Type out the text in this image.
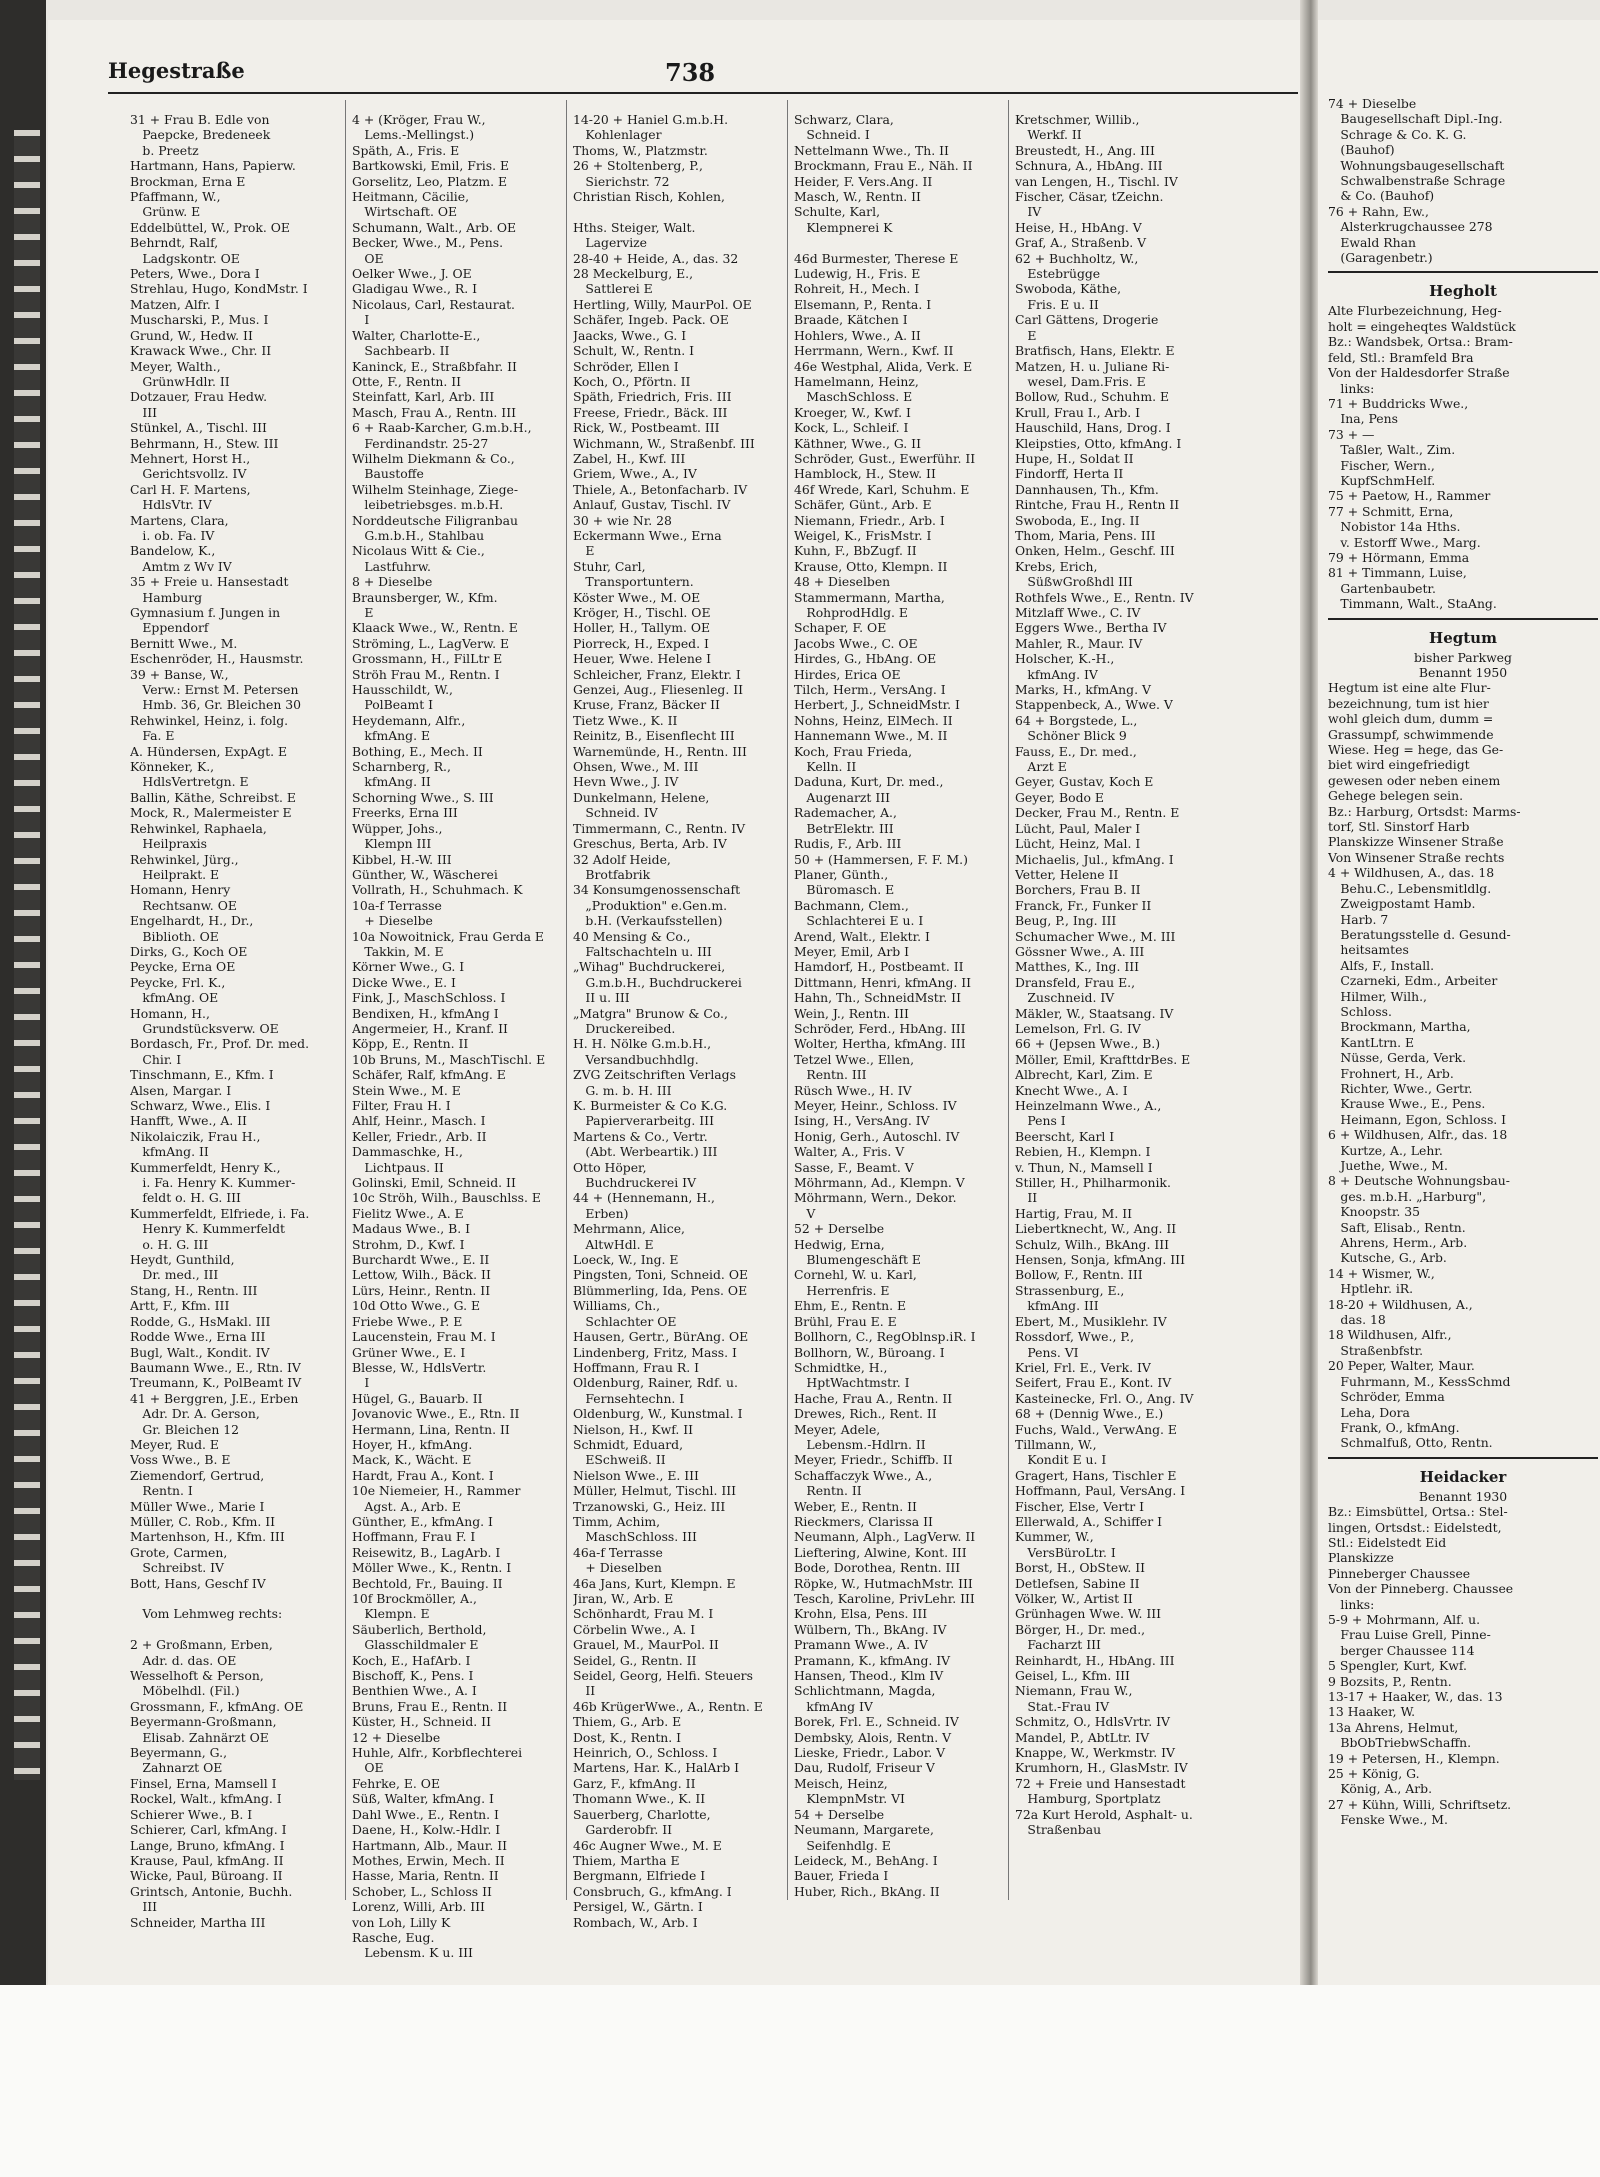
Hegestraße	738
31 + Frau B. Edle von
 Paepcke, Bredeneek
 b. Preetz
Hartmann, Hans, Papierw.
Brockman, Erna E
Pfaffmann, W.,
 Grünw. E
Eddelbüttel, W., Prok. OE
Behrndt, Ralf,
 Ladgskontr. OE
Peters, Wwe., Dora I
Strehlau, Hugo, KondMstr. I
Matzen, Alfr. I
Muscharski, P., Mus. I
Grund, W., Hedw. II
Krawack Wwe., Chr. II
Meyer, Walth.,
 GrünwHdlr. II
Dotzauer, Frau Hedw.
 III
Stünkel, A., Tischl. III
Behrmann, H., Stew. III
Mehnert, Horst H.,
 Gerichtsvollz. IV
Carl H. F. Martens,
 HdlsVtr. IV
Martens, Clara,
 i. ob. Fa. IV
Bandelow, K.,
 Amtm z Wv IV
35 + Freie u. Hansestadt
 Hamburg
Gymnasium f. Jungen in
 Eppendorf
Bernitt Wwe., M.
Eschenröder, H., Hausmstr.
39 + Banse, W.,
 Verw.: Ernst M. Petersen
 Hmb. 36, Gr. Bleichen 30
Rehwinkel, Heinz, i. folg.
 Fa. E
A. Hündersen, ExpAgt. E
Könneker, K.,
 HdlsVertretgn. E
Ballin, Käthe, Schreibst. E
Mock, R., Malermeister E
Rehwinkel, Raphaela,
 Heilpraxis
Rehwinkel, Jürg.,
 Heilprakt. E
Homann, Henry
 Rechtsanw. OE
Engelhardt, H., Dr.,
 Biblioth. OE
Dirks, G., Koch OE
Peycke, Erna OE
Peycke, Frl. K.,
 kfmAng. OE
Homann, H.,
 Grundstücksverw. OE
Bordasch, Fr., Prof. Dr. med.
 Chir. I
Tinschmann, E., Kfm. I
Alsen, Margar. I
Schwarz, Wwe., Elis. I
Hanfft, Wwe., A. II
Nikolaiczik, Frau H.,
 kfmAng. II
Kummerfeldt, Henry K.,
 i. Fa. Henry K. Kummer-
 feldt o. H. G. III
Kummerfeldt, Elfriede, i. Fa.
 Henry K. Kummerfeldt
 o. H. G. III
Heydt, Gunthild,
 Dr. med., III
Stang, H., Rentn. III
Artt, F., Kfm. III
Rodde, G., HsMakl. III
Rodde Wwe., Erna III
Bugl, Walt., Kondit. IV
Baumann Wwe., E., Rtn. IV
Treumann, K., PolBeamt IV
41 + Berggren, J.E., Erben
 Adr. Dr. A. Gerson,
 Gr. Bleichen 12
Meyer, Rud. E
Voss Wwe., B. E
Ziemendorf, Gertrud,
 Rentn. I
Müller Wwe., Marie I
Müller, C. Rob., Kfm. II
Martenhson, H., Kfm. III
Grote, Carmen,
 Schreibst. IV
Bott, Hans, Geschf IV

 Vom Lehmweg rechts:

2 + Großmann, Erben,
 Adr. d. das. OE
Wesselhoft & Person,
 Möbelhdl. (Fil.)
Grossmann, F., kfmAng. OE
Beyermann-Großmann,
 Elisab. Zahnärzt OE
Beyermann, G.,
 Zahnarzt OE
Finsel, Erna, Mamsell I
Rockel, Walt., kfmAng. I
Schierer Wwe., B. I
Schierer, Carl, kfmAng. I
Lange, Bruno, kfmAng. I
Krause, Paul, kfmAng. II
Wicke, Paul, Büroang. II
Grintsch, Antonie, Buchh.
 III
Schneider, Martha III
4 + (Kröger, Frau W.,
 Lems.-Mellingst.)
Späth, A., Fris. E
Bartkowski, Emil, Fris. E
Gorselitz, Leo, Platzm. E
Heitmann, Cäcilie,
 Wirtschaft. OE
Schumann, Walt., Arb. OE
Becker, Wwe., M., Pens.
 OE
Oelker Wwe., J. OE
Gladigau Wwe., R. I
Nicolaus, Carl, Restaurat.
 I
Walter, Charlotte-E.,
 Sachbearb. II
Kaninck, E., Straßbfahr. II
Otte, F., Rentn. II
Steinfatt, Karl, Arb. III
Masch, Frau A., Rentn. III
6 + Raab-Karcher, G.m.b.H.,
 Ferdinandstr. 25-27
Wilhelm Diekmann & Co.,
 Baustoffe
Wilhelm Steinhage, Ziege-
 leibetriebsges. m.b.H.
Norddeutsche Filigranbau
 G.m.b.H., Stahlbau
Nicolaus Witt & Cie.,
 Lastfuhrw.
8 + Dieselbe
Braunsberger, W., Kfm.
 E
Klaack Wwe., W., Rentn. E
Ströming, L., LagVerw. E
Grossmann, H., FilLtr E
Ströh Frau M., Rentn. I
Hausschildt, W.,
 PolBeamt I
Heydemann, Alfr.,
 kfmAng. E
Bothing, E., Mech. II
Scharnberg, R.,
 kfmAng. II
Schorning Wwe., S. III
Freerks, Erna III
Wüpper, Johs.,
 Klempn III
Kibbel, H.-W. III
Günther, W., Wäscherei
Vollrath, H., Schuhmach. K
10a-f Terrasse
 + Dieselbe
10a Nowoitnick, Frau Gerda E
 Takkin, M. E
Körner Wwe., G. I
Dicke Wwe., E. I
Fink, J., MaschSchloss. I
Bendixen, H., kfmAng I
Angermeier, H., Kranf. II
Köpp, E., Rentn. II
10b Bruns, M., MaschTischl. E
Schäfer, Ralf, kfmAng. E
Stein Wwe., M. E
Filter, Frau H. I
Ahlf, Heinr., Masch. I
Keller, Friedr., Arb. II
Dammaschke, H.,
 Lichtpaus. II
Golinski, Emil, Schneid. II
10c Ströh, Wilh., Bauschlss. E
Fielitz Wwe., A. E
Madaus Wwe., B. I
Strohm, D., Kwf. I
Burchardt Wwe., E. II
Lettow, Wilh., Bäck. II
Lürs, Heinr., Rentn. II
10d Otto Wwe., G. E
Friebe Wwe., P. E
Laucenstein, Frau M. I
Grüner Wwe., E. I
Blesse, W., HdlsVertr.
 I
Hügel, G., Bauarb. II
Jovanovic Wwe., E., Rtn. II
Hermann, Lina, Rentn. II
Hoyer, H., kfmAng.
Mack, K., Wächt. E
Hardt, Frau A., Kont. I
10e Niemeier, H., Rammer
 Agst. A., Arb. E
Günther, E., kfmAng. I
Hoffmann, Frau F. I
Reisewitz, B., LagArb. I
Möller Wwe., K., Rentn. I
Bechtold, Fr., Bauing. II
10f Brockmöller, A.,
 Klempn. E
Säuberlich, Berthold,
 Glasschildmaler E
Koch, E., HafArb. I
Bischoff, K., Pens. I
Benthien Wwe., A. I
Bruns, Frau E., Rentn. II
Küster, H., Schneid. II
12 + Dieselbe
Huhle, Alfr., Korbflechterei
 OE
Fehrke, E. OE
Süß, Walter, kfmAng. I
Dahl Wwe., E., Rentn. I
Daene, H., Kolw.-Hdlr. I
Hartmann, Alb., Maur. II
Mothes, Erwin, Mech. II
Hasse, Maria, Rentn. II
Schober, L., Schloss II
Lorenz, Willi, Arb. III
von Loh, Lilly K
Rasche, Eug.
 Lebensm. K u. III
14-20 + Haniel G.m.b.H.
 Kohlenlager
Thoms, W., Platzmstr.
26 + Stoltenberg, P.,
 Sierichstr. 72
Christian Risch, Kohlen,

Hths. Steiger, Walt.
 Lagervize
28-40 + Heide, A., das. 32
28 Meckelburg, E.,
 Sattlerei E
Hertling, Willy, MaurPol. OE
Schäfer, Ingeb. Pack. OE
Jaacks, Wwe., G. I
Schult, W., Rentn. I
Schröder, Ellen I
Koch, O., Pförtn. II
Späth, Friedrich, Fris. III
Freese, Friedr., Bäck. III
Rick, W., Postbeamt. III
Wichmann, W., Straßenbf. III
Zabel, H., Kwf. III
Griem, Wwe., A., IV
Thiele, A., Betonfacharb. IV
Anlauf, Gustav, Tischl. IV
30 + wie Nr. 28
Eckermann Wwe., Erna
 E
Stuhr, Carl,
 Transportuntern.
Köster Wwe., M. OE
Kröger, H., Tischl. OE
Holler, H., Tallym. OE
Piorreck, H., Exped. I
Heuer, Wwe. Helene I
Schleicher, Franz, Elektr. I
Genzei, Aug., Fliesenleg. II
Kruse, Franz, Bäcker II
Tietz Wwe., K. II
Reinitz, B., Eisenflecht III
Warnemünde, H., Rentn. III
Ohsen, Wwe., M. III
Hevn Wwe., J. IV
Dunkelmann, Helene,
 Schneid. IV
Timmermann, C., Rentn. IV
Greschus, Berta, Arb. IV
32 Adolf Heide,
 Brotfabrik
34 Konsumgenossenschaft
 „Produktion" e.Gen.m.
 b.H. (Verkaufsstellen)
40 Mensing & Co.,
 Faltschachteln u. III
„Wihag" Buchdruckerei,
 G.m.b.H., Buchdruckerei
 II u. III
„Matgra" Brunow & Co.,
 Druckereibed.
H. H. Nölke G.m.b.H.,
 Versandbuchhdlg.
ZVG Zeitschriften Verlags
 G. m. b. H. III
K. Burmeister & Co K.G.
 Papierverarbeitg. III
Martens & Co., Vertr.
 (Abt. Werbeartik.) III
Otto Höper,
 Buchdruckerei IV
44 + (Hennemann, H.,
 Erben)
Mehrmann, Alice,
 AltwHdl. E
Loeck, W., Ing. E
Pingsten, Toni, Schneid. OE
Blümmerling, Ida, Pens. OE
Williams, Ch.,
 Schlachter OE
Hausen, Gertr., BürAng. OE
Lindenberg, Fritz, Mass. I
Hoffmann, Frau R. I
Oldenburg, Rainer, Rdf. u.
 Fernsehtechn. I
Oldenburg, W., Kunstmal. I
Nielson, H., Kwf. II
Schmidt, Eduard,
 ESchweiß. II
Nielson Wwe., E. III
Müller, Helmut, Tischl. III
Trzanowski, G., Heiz. III
Timm, Achim,
 MaschSchloss. III
46a-f Terrasse
 + Dieselben
46a Jans, Kurt, Klempn. E
Jiran, W., Arb. E
Schönhardt, Frau M. I
Cörbelin Wwe., A. I
Grauel, M., MaurPol. II
Seidel, G., Rentn. II
Seidel, Georg, Helfi. Steuers
 II
46b KrügerWwe., A., Rentn. E
Thiem, G., Arb. E
Dost, K., Rentn. I
Heinrich, O., Schloss. I
Martens, Har. K., HalArb I
Garz, F., kfmAng. II
Thomann Wwe., K. II
Sauerberg, Charlotte,
 Garderobfr. II
46c Augner Wwe., M. E
Thiem, Martha E
Bergmann, Elfriede I
Consbruch, G., kfmAng. I
Persigel, W., Gärtn. I
Rombach, W., Arb. I
Schwarz, Clara,
 Schneid. I
Nettelmann Wwe., Th. II
Brockmann, Frau E., Näh. II
Heider, F. Vers.Ang. II
Masch, W., Rentn. II
Schulte, Karl,
 Klempnerei K

46d Burmester, Therese E
Ludewig, H., Fris. E
Rohreit, H., Mech. I
Elsemann, P., Renta. I
Braade, Kätchen I
Hohlers, Wwe., A. II
Herrmann, Wern., Kwf. II
46e Westphal, Alida, Verk. E
Hamelmann, Heinz,
 MaschSchloss. E
Kroeger, W., Kwf. I
Kock, L., Schleif. I
Käthner, Wwe., G. II
Schröder, Gust., Ewerführ. II
Hamblock, H., Stew. II
46f Wrede, Karl, Schuhm. E
Schäfer, Günt., Arb. E
Niemann, Friedr., Arb. I
Weigel, K., FrisMstr. I
Kuhn, F., BbZugf. II
Krause, Otto, Klempn. II
48 + Dieselben
Stammermann, Martha,
 RohprodHdlg. E
Schaper, F. OE
Jacobs Wwe., C. OE
Hirdes, G., HbAng. OE
Hirdes, Erica OE
Tilch, Herm., VersAng. I
Herbert, J., SchneidMstr. I
Nohns, Heinz, ElMech. II
Hannemann Wwe., M. II
Koch, Frau Frieda,
 Kelln. II
Daduna, Kurt, Dr. med.,
 Augenarzt III
Rademacher, A.,
 BetrElektr. III
Rudis, F., Arb. III
50 + (Hammersen, F. F. M.)
Planer, Günth.,
 Büromasch. E
Bachmann, Clem.,
 Schlachterei E u. I
Arend, Walt., Elektr. I
Meyer, Emil, Arb I
Hamdorf, H., Postbeamt. II
Dittmann, Henri, kfmAng. II
Hahn, Th., SchneidMstr. II
Wein, J., Rentn. III
Schröder, Ferd., HbAng. III
Wolter, Hertha, kfmAng. III
Tetzel Wwe., Ellen,
 Rentn. III
Rüsch Wwe., H. IV
Meyer, Heinr., Schloss. IV
Ising, H., VersAng. IV
Honig, Gerh., Autoschl. IV
Walter, A., Fris. V
Sasse, F., Beamt. V
Möhrmann, Ad., Klempn. V
Möhrmann, Wern., Dekor.
 V
52 + Derselbe
Hedwig, Erna,
 Blumengeschäft E
Cornehl, W. u. Karl,
 Herrenfris. E
Ehm, E., Rentn. E
Brühl, Frau E. E
Bollhorn, C., RegOblnsp.iR. I
Bollhorn, W., Büroang. I
Schmidtke, H.,
 HptWachtmstr. I
Hache, Frau A., Rentn. II
Drewes, Rich., Rent. II
Meyer, Adele,
 Lebensm.-Hdlrn. II
Meyer, Friedr., Schiffb. II
Schaffaczyk Wwe., A.,
 Rentn. II
Weber, E., Rentn. II
Rieckmers, Clarissa II
Neumann, Alph., LagVerw. II
Lieftering, Alwine, Kont. III
Bode, Dorothea, Rentn. III
Röpke, W., HutmachMstr. III
Tesch, Karoline, PrivLehr. III
Krohn, Elsa, Pens. III
Wülbern, Th., BkAng. IV
Pramann Wwe., A. IV
Pramann, K., kfmAng. IV
Hansen, Theod., Klm IV
Schlichtmann, Magda,
 kfmAng IV
Borek, Frl. E., Schneid. IV
Dembsky, Alois, Rentn. V
Lieske, Friedr., Labor. V
Dau, Rudolf, Friseur V
Meisch, Heinz,
 KlempnMstr. VI
54 + Derselbe
Neumann, Margarete,
 Seifenhdlg. E
Leideck, M., BehAng. I
Bauer, Frieda I
Huber, Rich., BkAng. II
Kretschmer, Willib.,
 Werkf. II
Breustedt, H., Ang. III
Schnura, A., HbAng. III
van Lengen, H., Tischl. IV
Fischer, Cäsar, tZeichn.
 IV
Heise, H., HbAng. V
Graf, A., Straßenb. V
62 + Buchholtz, W.,
 Estebrügge
Swoboda, Käthe,
 Fris. E u. II
Carl Gättens, Drogerie
 E
Bratfisch, Hans, Elektr. E
Matzen, H. u. Juliane Ri-
 wesel, Dam.Fris. E
Bollow, Rud., Schuhm. E
Krull, Frau I., Arb. I
Hauschild, Hans, Drog. I
Kleipsties, Otto, kfmAng. I
Hupe, H., Soldat II
Findorff, Herta II
Dannhausen, Th., Kfm.
Rintche, Frau H., Rentn II
Swoboda, E., Ing. II
Thom, Maria, Pens. III
Onken, Helm., Geschf. III
Krebs, Erich,
 SüßwGroßhdl III
Rothfels Wwe., E., Rentn. IV
Mitzlaff Wwe., C. IV
Eggers Wwe., Bertha IV
Mahler, R., Maur. IV
Holscher, K.-H.,
 kfmAng. IV
Marks, H., kfmAng. V
Stappenbeck, A., Wwe. V
64 + Borgstede, L.,
 Schöner Blick 9
Fauss, E., Dr. med.,
 Arzt E
Geyer, Gustav, Koch E
Geyer, Bodo E
Decker, Frau M., Rentn. E
Lücht, Paul, Maler I
Lücht, Heinz, Mal. I
Michaelis, Jul., kfmAng. I
Vetter, Helene II
Borchers, Frau B. II
Franck, Fr., Funker II
Beug, P., Ing. III
Schumacher Wwe., M. III
Gössner Wwe., A. III
Matthes, K., Ing. III
Dransfeld, Frau E.,
 Zuschneid. IV
Mäkler, W., Staatsang. IV
Lemelson, Frl. G. IV
66 + (Jepsen Wwe., B.)
Möller, Emil, KrafttdrBes. E
Albrecht, Karl, Zim. E
Knecht Wwe., A. I
Heinzelmann Wwe., A.,
 Pens I
Beerscht, Karl I
Rebien, H., Klempn. I
v. Thun, N., Mamsell I
Stiller, H., Philharmonik.
 II
Hartig, Frau, M. II
Liebertknecht, W., Ang. II
Schulz, Wilh., BkAng. III
Hensen, Sonja, kfmAng. III
Bollow, F., Rentn. III
Strassenburg, E.,
 kfmAng. III
Ebert, M., Musiklehr. IV
Rossdorf, Wwe., P.,
 Pens. VI
Kriel, Frl. E., Verk. IV
Seifert, Frau E., Kont. IV
Kasteinecke, Frl. O., Ang. IV
68 + (Dennig Wwe., E.)
Fuchs, Wald., VerwAng. E
Tillmann, W.,
 Kondit E u. I
Gragert, Hans, Tischler E
Hoffmann, Paul, VersAng. I
Fischer, Else, Vertr I
Ellerwald, A., Schiffer I
Kummer, W.,
 VersBüroLtr. I
Borst, H., ObStew. II
Detlefsen, Sabine II
Völker, W., Artist II
Grünhagen Wwe. W. III
Börger, H., Dr. med.,
 Facharzt III
Reinhardt, H., HbAng. III
Geisel, L., Kfm. III
Niemann, Frau W.,
 Stat.-Frau IV
Schmitz, O., HdlsVrtr. IV
Mandel, P., AbtLtr. IV
Knappe, W., Werkmstr. IV
Krumhorn, H., GlasMstr. IV
72 + Freie und Hansestadt
 Hamburg, Sportplatz
72a Kurt Herold, Asphalt- u.
 Straßenbau
74 + Dieselbe
 Baugesellschaft Dipl.-Ing.
 Schrage & Co. K. G.
 (Bauhof)
 Wohnungsbaugesellschaft
 Schwalbenstraße Schrage
 & Co. (Bauhof)
76 + Rahn, Ew.,
 Alsterkrugchaussee 278
 Ewald Rhan
 (Garagenbetr.)
Hegholt
Alte Flurbezeichnung, Heg-
holt = eingeheqtes Waldstück
Bz.: Wandsbek, Ortsa.: Bram-
feld, Stl.: Bramfeld Bra
Von der Haldesdorfer Straße
 links:
71 + Buddricks Wwe.,
 Ina, Pens
73 + —
 Taßler, Walt., Zim.
 Fischer, Wern.,
 KupfSchmHelf.
75 + Paetow, H., Rammer
77 + Schmitt, Erna,
 Nobistor 14a Hths.
 v. Estorff Wwe., Marg.
79 + Hörmann, Emma
81 + Timmann, Luise,
 Gartenbaubetr.
 Timmann, Walt., StaAng.
Hegtum
bisher Parkweg
Benannt 1950
Hegtum ist eine alte Flur-
bezeichnung, tum ist hier
wohl gleich dum, dumm =
Grassumpf, schwimmende
Wiese. Heg = hege, das Ge-
biet wird eingefriedigt
gewesen oder neben einem
Gehege belegen sein.
Bz.: Harburg, Ortsdst: Marms-
torf, Stl. Sinstorf Harb
Planskizze Winsener Straße
Von Winsener Straße rechts
4 + Wildhusen, A., das. 18
 Behu.C., Lebensmitldlg.
 Zweigpostamt Hamb.
 Harb. 7
 Beratungsstelle d. Gesund-
 heitsamtes
 Alfs, F., Install.
 Czarneki, Edm., Arbeiter
 Hilmer, Wilh.,
 Schloss.
 Brockmann, Martha,
 KantLtrn. E
 Nüsse, Gerda, Verk.
 Frohnert, H., Arb.
 Richter, Wwe., Gertr.
 Krause Wwe., E., Pens.
 Heimann, Egon, Schloss. I
6 + Wildhusen, Alfr., das. 18
 Kurtze, A., Lehr.
 Juethe, Wwe., M.
8 + Deutsche Wohnungsbau-
 ges. m.b.H. „Harburg",
 Knoopstr. 35
 Saft, Elisab., Rentn.
 Ahrens, Herm., Arb.
 Kutsche, G., Arb.
14 + Wismer, W.,
 Hptlehr. iR.
18-20 + Wildhusen, A.,
 das. 18
18 Wildhusen, Alfr.,
 Straßenbfstr.
20 Peper, Walter, Maur.
 Fuhrmann, M., KessSchmd
 Schröder, Emma
 Leha, Dora
 Frank, O., kfmAng.
 Schmalfuß, Otto, Rentn.
Heidacker
Benannt 1930
Bz.: Eimsbüttel, Ortsa.: Stel-
lingen, Ortsdst.: Eidelstedt,
Stl.: Eidelstedt Eid
Planskizze
Pinneberger Chaussee
Von der Pinneberg. Chaussee
 links:
5-9 + Mohrmann, Alf. u.
 Frau Luise Grell, Pinne-
 berger Chaussee 114
5 Spengler, Kurt, Kwf.
9 Bozsits, P., Rentn.
13-17 + Haaker, W., das. 13
13 Haaker, W.
13a Ahrens, Helmut,
 BbObTriebwSchaffn.
19 + Petersen, H., Klempn.
25 + König, G.
 König, A., Arb.
27 + Kühn, Willi, Schriftsetz.
 Fenske Wwe., M.
